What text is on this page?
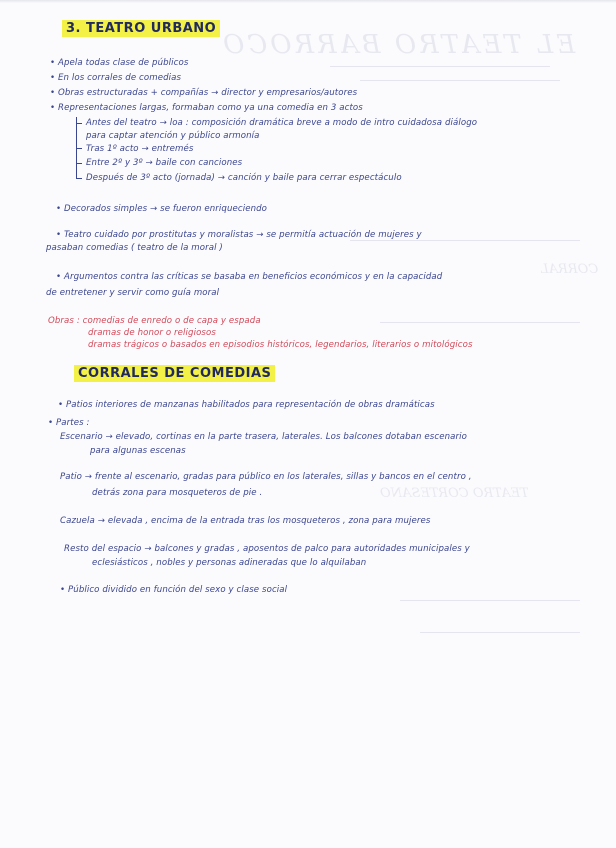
EL TEATRO BARROCO
CORRAL
TEATRO CORTESANO
3. TEATRO URBANO
• Apela todas clase de públicos
• En los corrales de comedias
• Obras estructuradas + compañías → director y empresarios/autores
• Representaciones largas, formaban como ya una comedia en 3 actos
Antes del teatro → loa : composición dramática breve a modo de intro cuidadosa diálogo
para captar atención y público armonía
Tras 1º acto → entremés
Entre 2º y 3º → baile con canciones
Después de 3º acto (jornada) → canción y baile para cerrar espectáculo
• Decorados simples → se fueron enriqueciendo
• Teatro cuidado por prostitutas y moralistas → se permitía actuación de mujeres y
pasaban comedias ( teatro de la moral )
• Argumentos contra las críticas se basaba en beneficios económicos y en la capacidad
de entretener y servir como guía moral
Obras : comedias de enredo o de capa y espada
dramas de honor o religiosos
dramas trágicos o basados en episodios históricos, legendarios, literarios o mitológicos
CORRALES DE COMEDIAS
• Patios interiores de manzanas habilitados para representación de obras dramáticas
• Partes :
Escenario → elevado, cortinas en la parte trasera, laterales. Los balcones dotaban escenario
para algunas escenas
Patio → frente al escenario, gradas para público en los laterales, sillas y bancos en el centro ,
detrás zona para mosqueteros de pie .
Cazuela → elevada , encima de la entrada tras los mosqueteros , zona para mujeres
Resto del espacio → balcones y gradas , aposentos de palco para autoridades municipales y
eclesiásticos , nobles y personas adineradas que lo alquilaban
• Público dividido en función del sexo y clase social
